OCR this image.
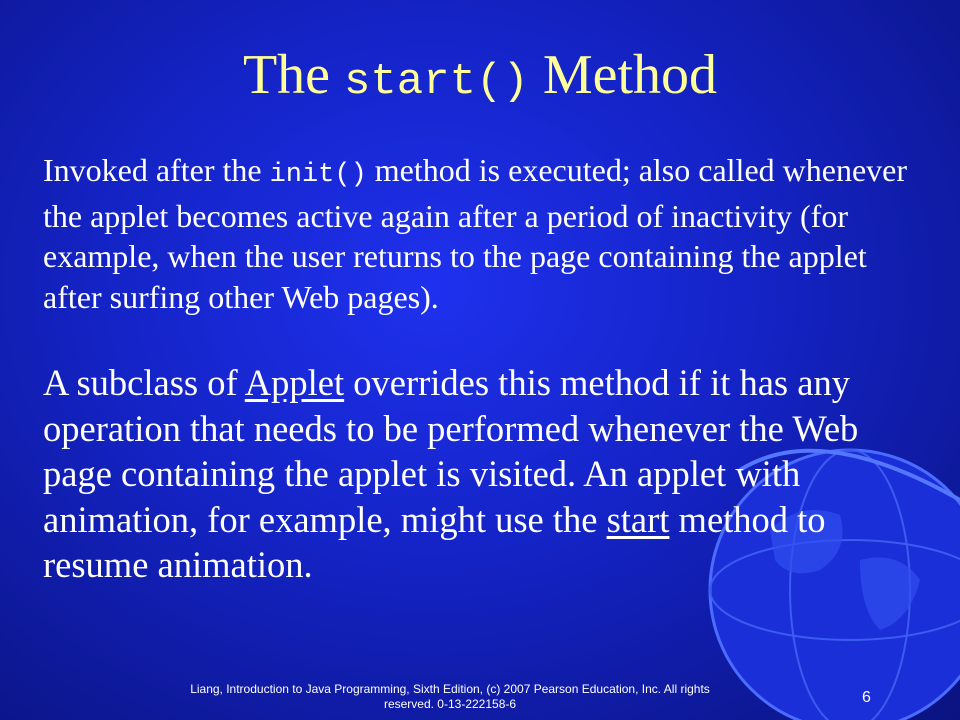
The start() Method
Invoked after the init() method is executed; also called whenever the applet becomes active again after a period of inactivity (for example, when the user returns to the page containing the applet after surfing other Web pages).
A subclass of Applet overrides this method if it has any operation that needs to be performed whenever the Web page containing the applet is visited. An applet with animation, for example, might use the start method to resume animation.
Liang, Introduction to Java Programming, Sixth Edition, (c) 2007 Pearson Education, Inc. All rights reserved. 0-13-222158-6	6
